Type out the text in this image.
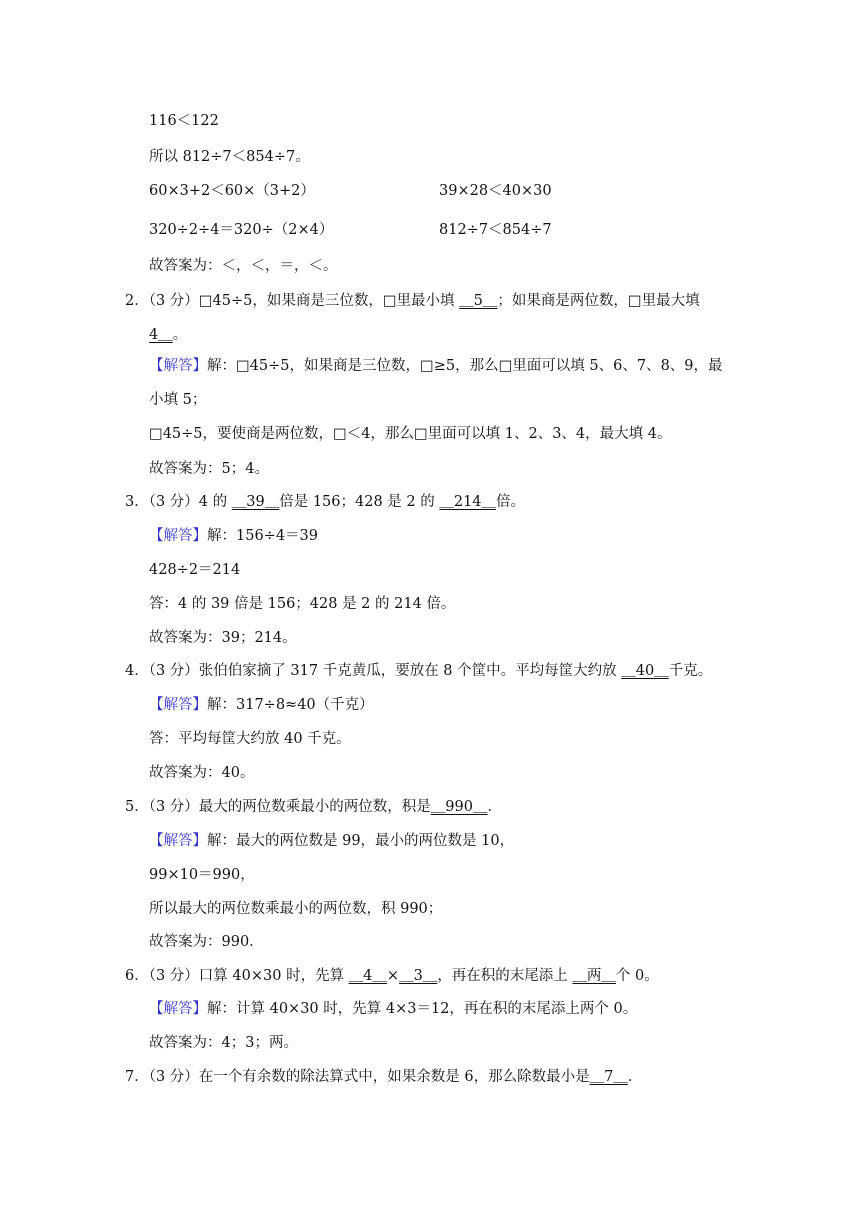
116＜122
所以 812÷7＜854÷7。
60×3+2＜60×（3+2）	39×28＜40×30
320÷2÷4＝320÷（2×4）	812÷7＜854÷7
故答案为：＜，＜，＝，＜。
2．（3 分）□45÷5，如果商是三位数，□里最小填 ＿5＿；如果商是两位数，□里最大填
4＿。
【解答】解：□45÷5，如果商是三位数，□≥5，那么□里面可以填 5、6、7、8、9，最
小填 5；
□45÷5，要使商是两位数，□＜4，那么□里面可以填 1、2、3、4，最大填 4。
故答案为：5；4。
3．（3 分）4 的 ＿39＿倍是 156；428 是 2 的 ＿214＿倍。
【解答】解：156÷4＝39
428÷2＝214
答：4 的 39 倍是 156；428 是 2 的 214 倍。
故答案为：39；214。
4．（3 分）张伯伯家摘了 317 千克黄瓜，要放在 8 个筐中。平均每筐大约放 ＿40＿千克。
【解答】解：317÷8≈40（千克）
答：平均每筐大约放 40 千克。
故答案为：40。
5．（3 分）最大的两位数乘最小的两位数，积是＿990＿．
【解答】解：最大的两位数是 99，最小的两位数是 10，
99×10＝990，
所以最大的两位数乘最小的两位数，积 990；
故答案为：990．
6．（3 分）口算 40×30 时，先算 ＿4＿×＿3＿，再在积的末尾添上 ＿两＿个 0。
【解答】解：计算 40×30 时，先算 4×3＝12，再在积的末尾添上两个 0。
故答案为：4；3；两。
7．（3 分）在一个有余数的除法算式中，如果余数是 6，那么除数最小是＿7＿．
